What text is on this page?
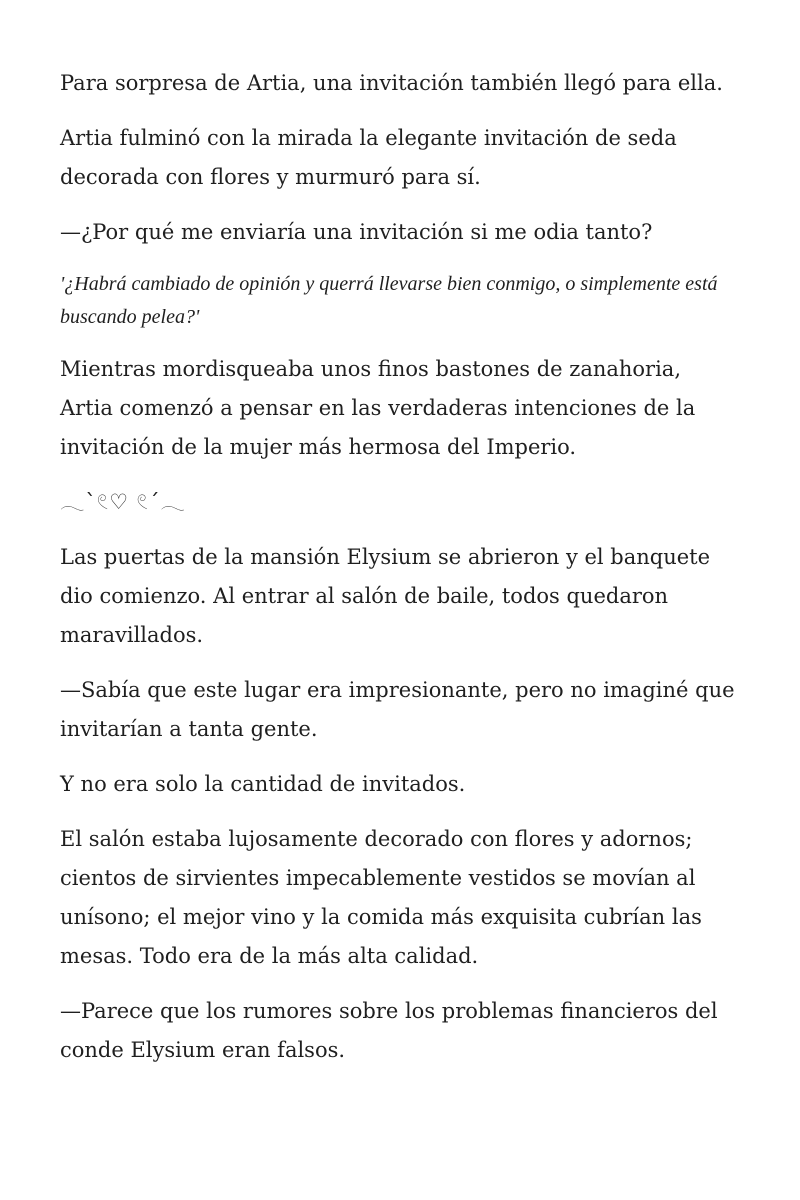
Para sorpresa de Artia, una invitación también llegó para ella.

Artia fulminó con la mirada la elegante invitación de seda decorada con flores y murmuró para sí.

—¿Por qué me enviaría una invitación si me odia tanto?

'¿Habrá cambiado de opinión y querrá llevarse bien conmigo, o simplemente está buscando pelea?'

Mientras mordisqueaba unos finos bastones de zanahoria, Artia comenzó a pensar en las verdaderas intenciones de la invitación de la mujer más hermosa del Imperio.

𓂃`𓏲♡ 𓏲´𓂃

Las puertas de la mansión Elysium se abrieron y el banquete dio comienzo. Al entrar al salón de baile, todos quedaron maravillados.

—Sabía que este lugar era impresionante, pero no imaginé que invitarían a tanta gente.

Y no era solo la cantidad de invitados.

El salón estaba lujosamente decorado con flores y adornos; cientos de sirvientes impecablemente vestidos se movían al unísono; el mejor vino y la comida más exquisita cubrían las mesas. Todo era de la más alta calidad.

—Parece que los rumores sobre los problemas financieros del conde Elysium eran falsos.
